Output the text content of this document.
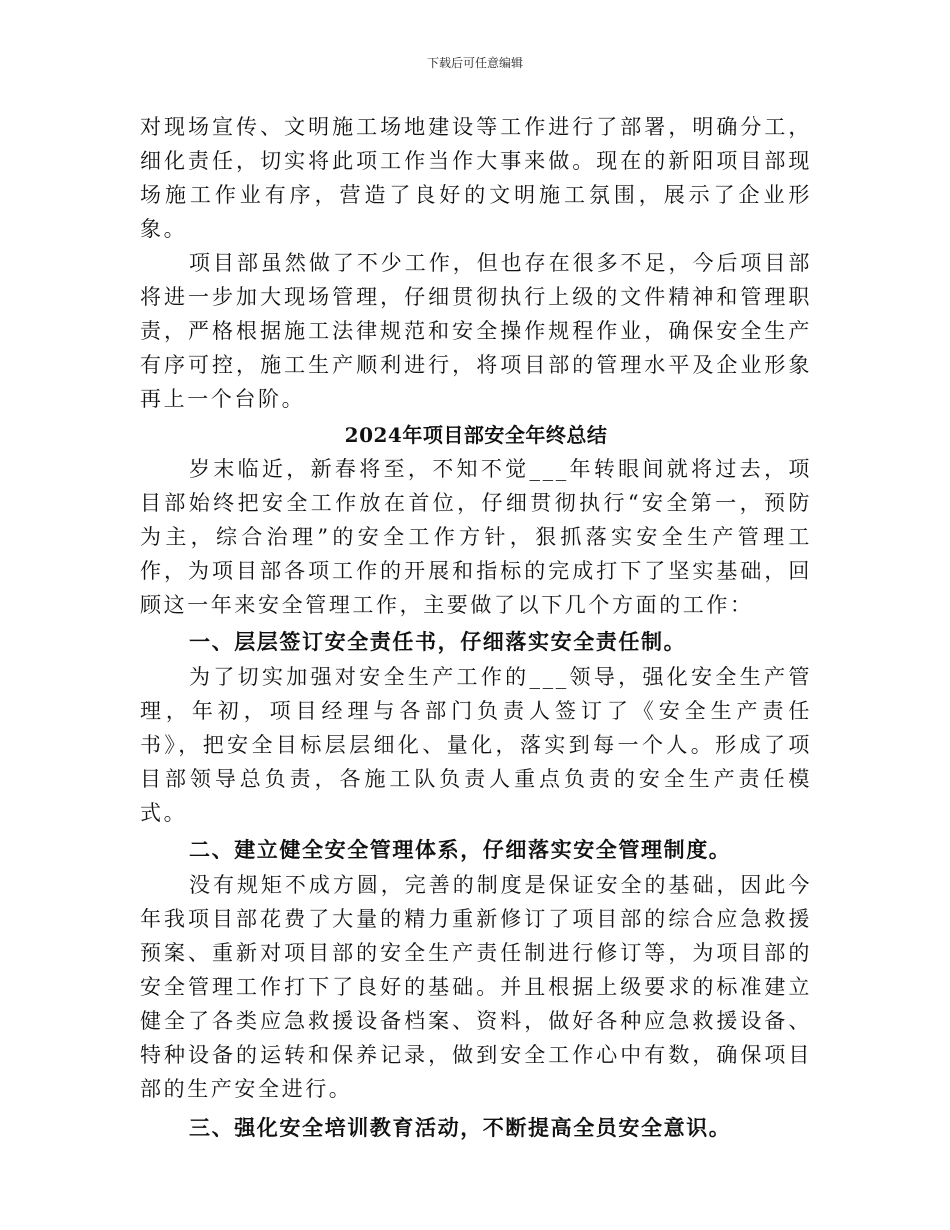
下载后可任意编辑

对现场宣传、文明施工场地建设等工作进行了部署，明确分工，细化责任，切实将此项工作当作大事来做。现在的新阳项目部现场施工作业有序，营造了良好的文明施工氛围，展示了企业形象。

项目部虽然做了不少工作，但也存在很多不足，今后项目部将进一步加大现场管理，仔细贯彻执行上级的文件精神和管理职责，严格根据施工法律规范和安全操作规程作业，确保安全生产有序可控，施工生产顺利进行，将项目部的管理水平及企业形象再上一个台阶。

2024年项目部安全年终总结

岁末临近，新春将至，不知不觉___年转眼间就将过去，项目部始终把安全工作放在首位，仔细贯彻执行“安全第一，预防为主，综合治理”的安全工作方针，狠抓落实安全生产管理工作，为项目部各项工作的开展和指标的完成打下了坚实基础，回顾这一年来安全管理工作，主要做了以下几个方面的工作：

一、层层签订安全责任书，仔细落实安全责任制。

为了切实加强对安全生产工作的___领导，强化安全生产管理，年初，项目经理与各部门负责人签订了《安全生产责任书》，把安全目标层层细化、量化，落实到每一个人。形成了项目部领导总负责，各施工队负责人重点负责的安全生产责任模式。

二、建立健全安全管理体系，仔细落实安全管理制度。

没有规矩不成方圆，完善的制度是保证安全的基础，因此今年我项目部花费了大量的精力重新修订了项目部的综合应急救援预案、重新对项目部的安全生产责任制进行修订等，为项目部的安全管理工作打下了良好的基础。并且根据上级要求的标准建立健全了各类应急救援设备档案、资料，做好各种应急救援设备、特种设备的运转和保养记录，做到安全工作心中有数，确保项目部的生产安全进行。

三、强化安全培训教育活动，不断提高全员安全意识。
